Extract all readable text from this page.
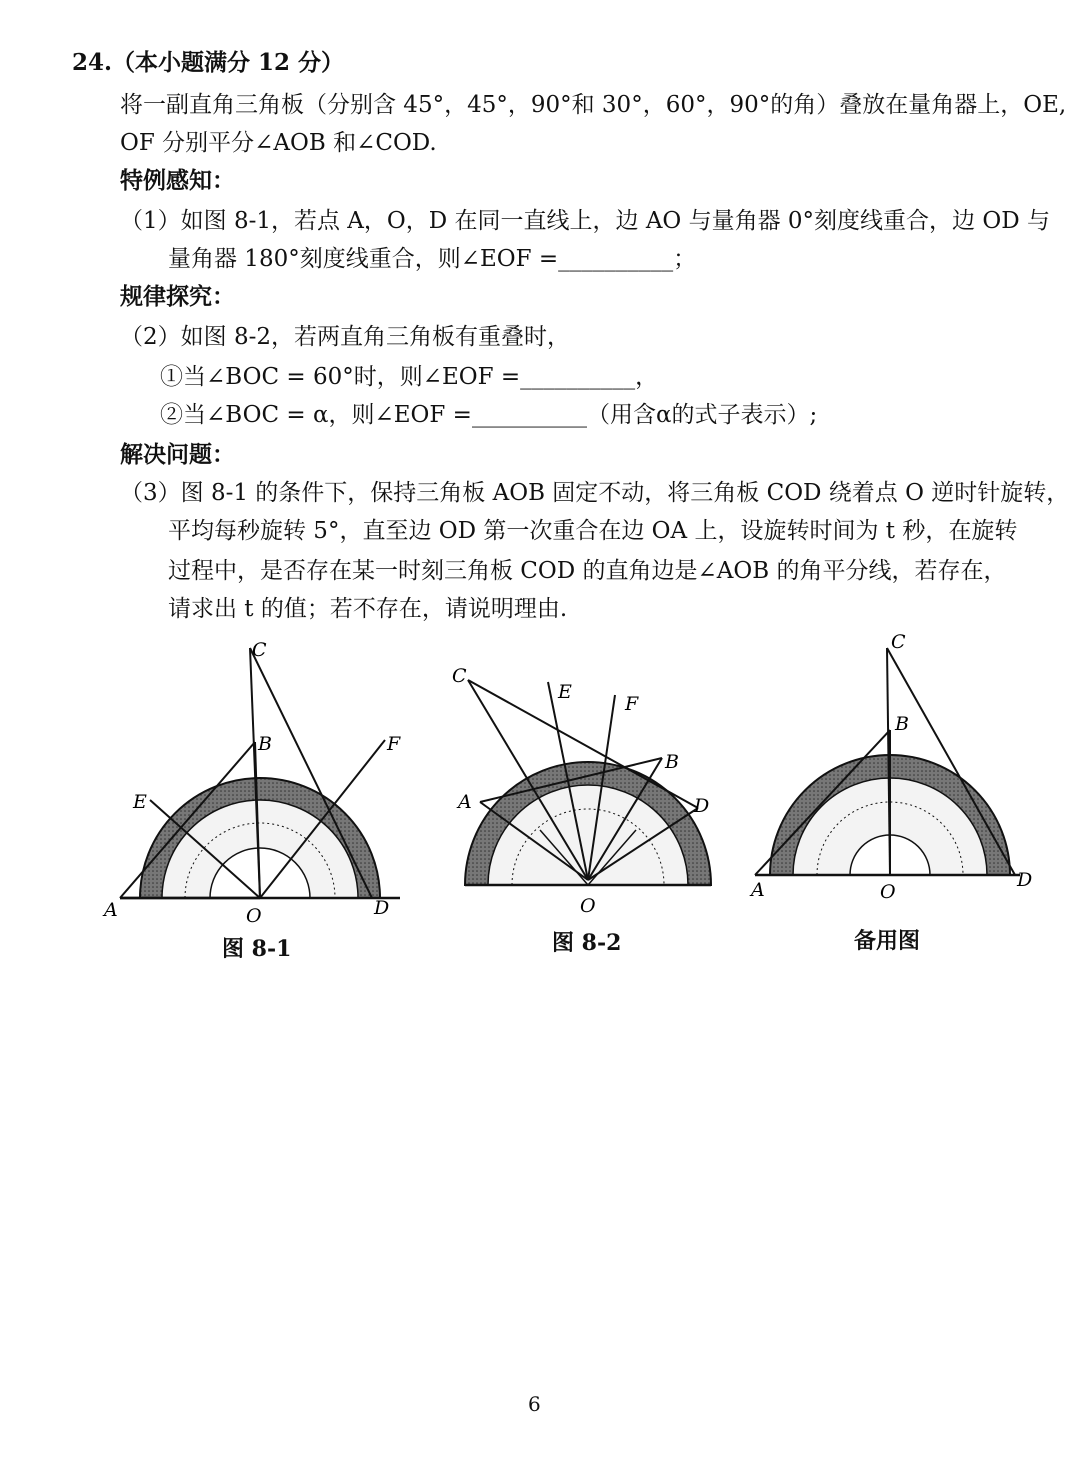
24.（本小题满分 12 分）
将一副直角三角板（分别含 45°，45°，90°和 30°，60°，90°的角）叠放在量角器上，OE,
OF 分别平分∠AOB 和∠COD.
特例感知：
（1）如图 8-1，若点 A，O，D 在同一直线上，边 AO 与量角器 0°刻度线重合，边 OD 与
量角器 180°刻度线重合，则∠EOF =__________；
规律探究：
（2）如图 8-2，若两直角三角板有重叠时，
①当∠BOC = 60°时，则∠EOF =__________，
②当∠BOC = α，则∠EOF =__________（用含α的式子表示）;
解决问题：
（3）图 8-1 的条件下，保持三角板 AOB 固定不动，将三角板 COD 绕着点 O 逆时针旋转，
平均每秒旋转 5°，直至边 OD 第一次重合在边 OA 上，设旋转时间为 t 秒，在旋转
过程中，是否存在某一时刻三角板 COD 的直角边是∠AOB 的角平分线，若存在，
请求出 t 的值；若不存在，请说明理由.
C
B
E
F
A	O	D
C
E
F
B
A	D
O
C
B
A	O
D
图 8-1	图 8-2	备用图
6
